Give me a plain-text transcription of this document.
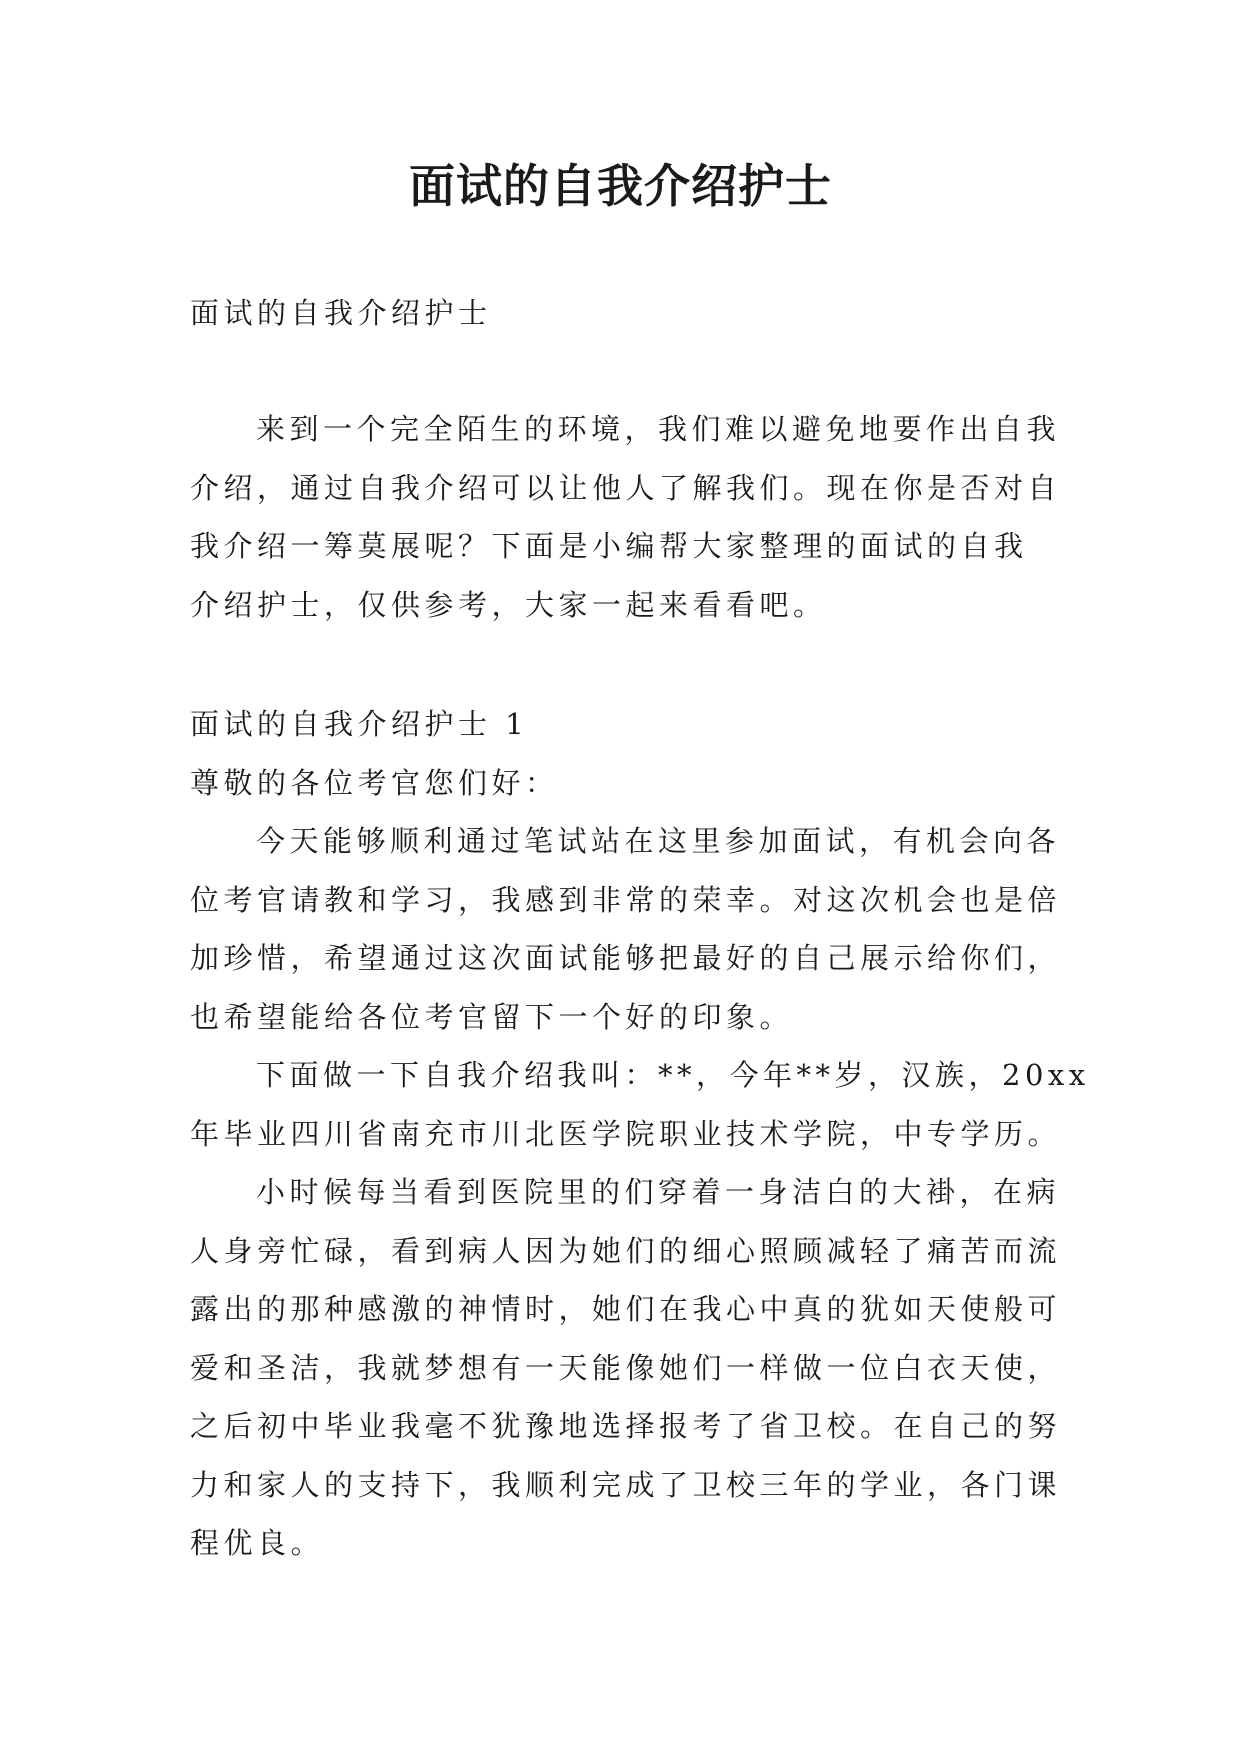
面试的自我介绍护士
面试的自我介绍护士
来到一个完全陌生的环境，我们难以避免地要作出自我
介绍，通过自我介绍可以让他人了解我们。现在你是否对自
我介绍一筹莫展呢？下面是小编帮大家整理的面试的自我
介绍护士，仅供参考，大家一起来看看吧。
面试的自我介绍护士 1
尊敬的各位考官您们好：
今天能够顺利通过笔试站在这里参加面试，有机会向各
位考官请教和学习，我感到非常的荣幸。对这次机会也是倍
加珍惜，希望通过这次面试能够把最好的自己展示给你们，
也希望能给各位考官留下一个好的印象。
下面做一下自我介绍我叫：**，今年**岁，汉族，20xx
年毕业四川省南充市川北医学院职业技术学院，中专学历。
小时候每当看到医院里的们穿着一身洁白的大褂，在病
人身旁忙碌，看到病人因为她们的细心照顾减轻了痛苦而流
露出的那种感激的神情时，她们在我心中真的犹如天使般可
爱和圣洁，我就梦想有一天能像她们一样做一位白衣天使，
之后初中毕业我毫不犹豫地选择报考了省卫校。在自己的努
力和家人的支持下，我顺利完成了卫校三年的学业，各门课
程优良。
